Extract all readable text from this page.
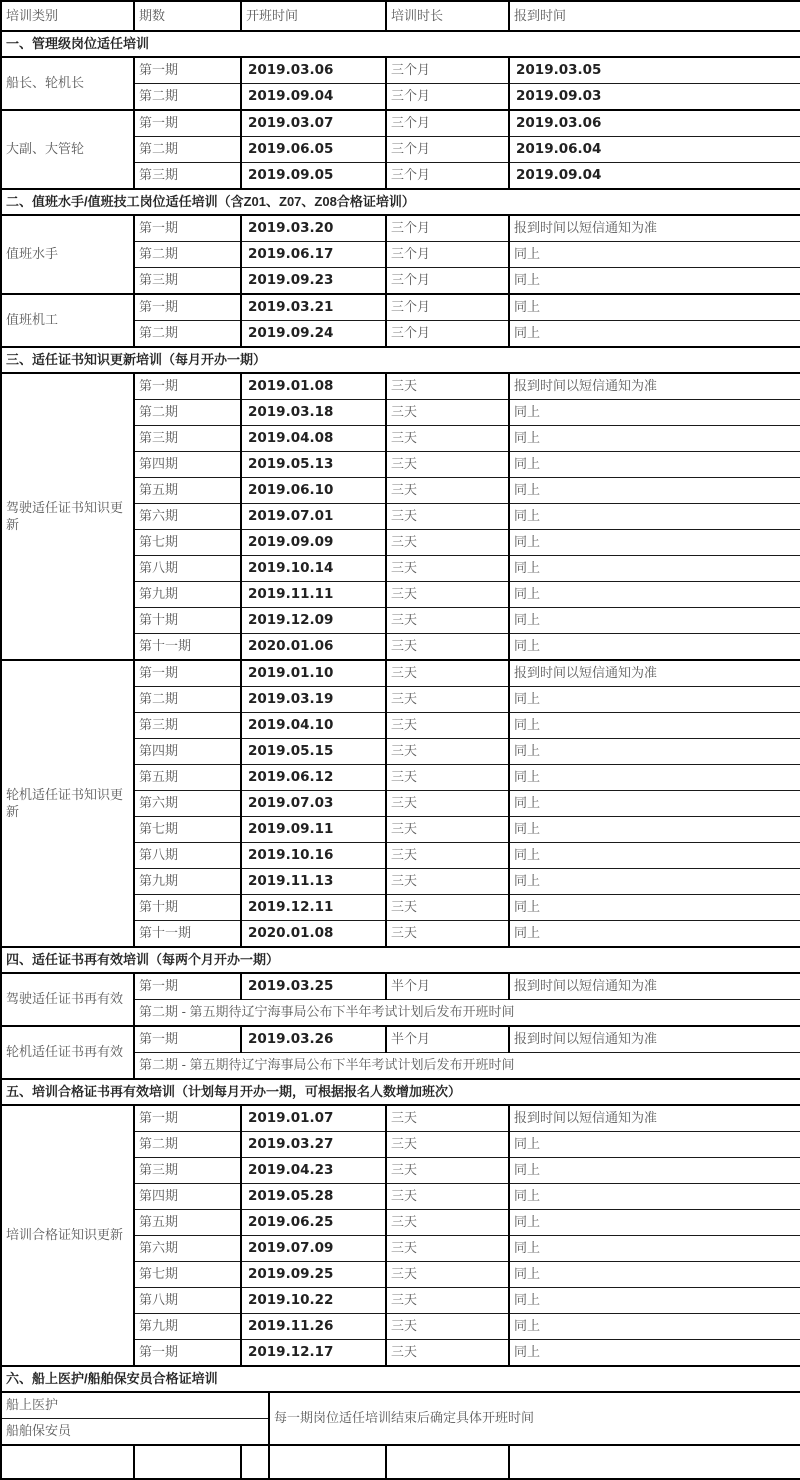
培训类别	期数	开班时间		培训时长	报到时间
一、管理级岗位适任培训					
船长、轮机长	第一期	2019.03.06		三个月	2019.03.05
	第二期	2019.09.04		三个月	2019.09.03
大副、大管轮	第一期	2019.03.07		三个月	2019.03.06
	第二期	2019.06.05		三个月	2019.06.04
	第三期	2019.09.05		三个月	2019.09.04
二、值班水手/值班技工岗位适任培训（含Z01、Z07、Z08合格证培训）					
值班水手	第一期	2019.03.20		三个月	报到时间以短信通知为准
	第二期	2019.06.17		三个月	同上
	第三期	2019.09.23		三个月	同上
值班机工	第一期	2019.03.21		三个月	同上
	第二期	2019.09.24		三个月	同上
三、适任证书知识更新培训（每月开办一期）					
驾驶适任证书知识更新	第一期	2019.01.08		三天	报到时间以短信通知为准
	第二期	2019.03.18		三天	同上
	第三期	2019.04.08		三天	同上
	第四期	2019.05.13		三天	同上
	第五期	2019.06.10		三天	同上
	第六期	2019.07.01		三天	同上
	第七期	2019.09.09		三天	同上
	第八期	2019.10.14		三天	同上
	第九期	2019.11.11		三天	同上
	第十期	2019.12.09		三天	同上
	第十一期	2020.01.06		三天	同上
轮机适任证书知识更新	第一期	2019.01.10		三天	报到时间以短信通知为准
	第二期	2019.03.19		三天	同上
	第三期	2019.04.10		三天	同上
	第四期	2019.05.15		三天	同上
	第五期	2019.06.12		三天	同上
	第六期	2019.07.03		三天	同上
	第七期	2019.09.11		三天	同上
	第八期	2019.10.16		三天	同上
	第九期	2019.11.13		三天	同上
	第十期	2019.12.11		三天	同上
	第十一期	2020.01.08		三天	同上
四、适任证书再有效培训（每两个月开办一期）					
驾驶适任证书再有效	第一期	2019.03.25		半个月	报到时间以短信通知为准
	第二期 - 第五期待辽宁海事局公布下半年考试计划后发布开班时间				
轮机适任证书再有效	第一期	2019.03.26		半个月	报到时间以短信通知为准
	第二期 - 第五期待辽宁海事局公布下半年考试计划后发布开班时间				
五、培训合格证书再有效培训（计划每月开办一期，可根据报名人数增加班次）					
培训合格证知识更新	第一期	2019.01.07		三天	报到时间以短信通知为准
	第二期	2019.03.27		三天	同上
	第三期	2019.04.23		三天	同上
	第四期	2019.05.28		三天	同上
	第五期	2019.06.25		三天	同上
	第六期	2019.07.09		三天	同上
	第七期	2019.09.25		三天	同上
	第八期	2019.10.22		三天	同上
	第九期	2019.11.26		三天	同上
	第一期	2019.12.17		三天	同上
六、船上医护/船舶保安员合格证培训					
船上医护			每一期岗位适任培训结束后确定具体开班时间		
船舶保安员					
